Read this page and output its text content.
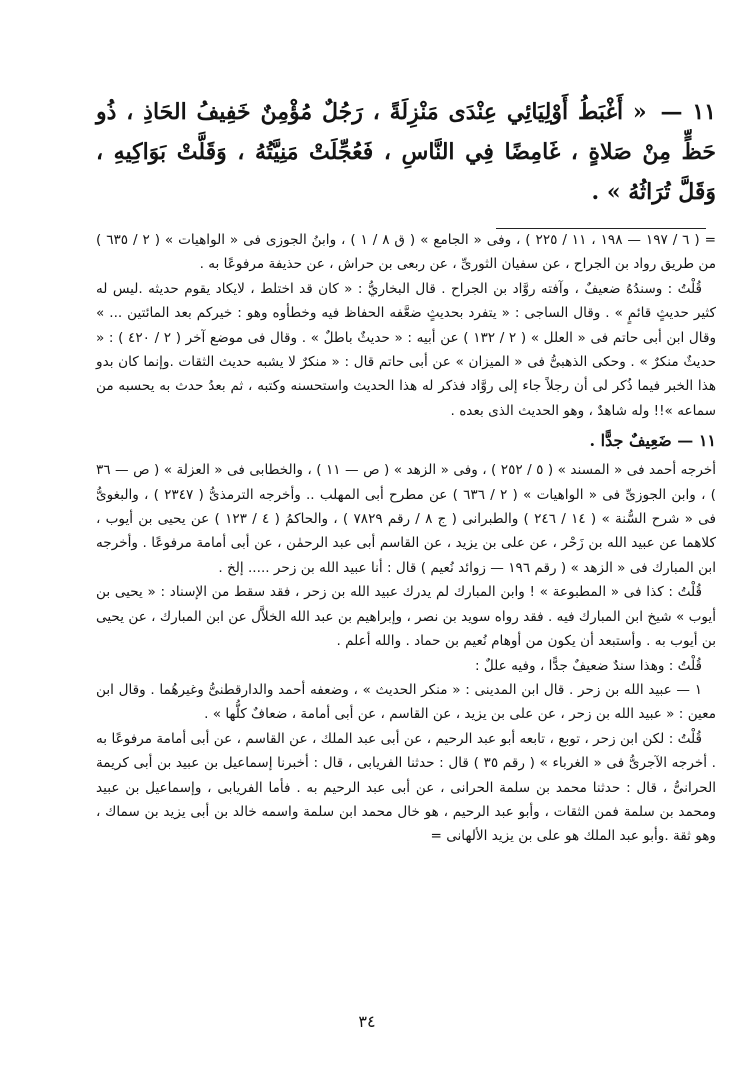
١١ — « أَغْبَطُ أَوْلِيَائِي عِنْدَى مَنْزِلَةً ، رَجُلٌ مُؤْمِنٌ خَفِيفُ الحَاذِ ، ذُو حَظٍّ مِنْ صَلاةٍ ، غَامِضًا فِي النَّاسِ ، فَعُجِّلَتْ مَنِيَّتُهُ ، وَقَلَّتْ بَوَاكِيهِ ، وَقَلَّ تُرَاثُهُ » .

= ( ٦ / ١٩٧ — ١٩٨ ، ١١ / ٢٢٥ ) ، وفى « الجامع » ( ق ٨ / ١ ) ، وابنُ الجوزى فى « الواهيات » ( ٢ / ٦٣٥ ) من طريق رواد بن الجراح ، عن سفيان الثورىِّ ، عن ربعى بن حراش ، عن حذيفة مرفوعًا به .

قُلْتُ : وسندُهُ ضعيفٌ ، وآفته روَّاد بن الجراح . قال البخاريُّ : « كان قد اختلط ، لايكاد يقوم حديثه .ليس له كثير حديثٍ قائمٍ » . وقال الساجى : « يتفرد بحديثٍ ضعَّفه الحفاظ فيه وخطأوه وهو : خيركم بعد المائتين ... » وقال ابن أبى حاتم فى « العلل » ( ٢ / ١٣٢ ) عن أبيه : « حديثٌ باطلٌ » . وقال فى موضع آخر ( ٢ / ٤٢٠ ) : « حديثٌ منكرٌ » . وحكى الذهبىُّ فى « الميزان » عن أبى حاتم قال : « منكرٌ لا يشبه حديث الثقات .وإنما كان بدو هذا الخبر فيما ذُكر لى أن رجلاً جاء إلى روَّاد فذكر له هذا الحديث واستحسنه وكتبه ، ثم بعدُ حدث به يحسبه من سماعه »!! وله شاهدٌ ، وهو الحديث الذى بعده .

١١ — ضَعِيفٌ جدًّا .

أخرجه أحمد فى « المسند » ( ٥ / ٢٥٢ ) ، وفى « الزهد » ( ص — ١١ ) ، والخطابى فى « العزلة » ( ص — ٣٦ ) ، وابن الجوزىِّ فى « الواهيات » ( ٢ / ٦٣٦ ) عن مطرح أبى المهلب .. وأخرجه الترمذىُّ ( ٢٣٤٧ ) ، والبغوىُّ فى « شرح السُّنة » ( ١٤ / ٢٤٦ ) والطبرانى ( ج ٨ / رقم ٧٨٢٩ ) ، والحاكمُ ( ٤ / ١٢٣ ) عن يحيى بن أيوب ، كلاهما عن عبيد الله بن زَحْر ، عن على بن يزيد ، عن القاسم أبى عبد الرحمٰن ، عن أبى أمامة مرفوعًا . وأخرجه ابن المبارك فى « الزهد » ( رقم ١٩٦ — زوائد نُعيم ) قال : أنا عبيد الله بن زحر ..... إلخ .

قُلْتُ : كذا فى « المطبوعة » ! وابن المبارك لم يدرك عبيد الله بن زحر ، فقد سقط من الإسناد : « يحيى بن أيوب » شيخ ابن المبارك فيه . فقد رواه سويد بن نصر ، وإبراهيم بن عبد الله الخلاَّل عن ابن المبارك ، عن يحيى بن أيوب به . وأستبعد أن يكون من أوهام نُعيم بن حماد . والله أعلم .

قُلْتُ : وهذا سندٌ ضعيفٌ جدًّا ، وفيه عللٌ :

١ — عبيد الله بن زحر . قال ابن المدينى : « منكر الحديث » ، وضعفه أحمد والدارقطنىُّ وغيرهُما . وقال ابن معين : « عبيد الله بن زحر ، عن على بن يزيد ، عن القاسم ، عن أبى أمامة ، ضعافٌ كلُّها » .

قُلْتُ : لكن ابن زحر ، توبع ، تابعه أبو عبد الرحيم ، عن أبى عبد الملك ، عن القاسم ، عن أبى أمامة مرفوعًا به . أخرجه الآجرىُّ فى « الغرباء » ( رقم ٣٥ ) قال : حدثنا الفريابى ، قال : أخبرنا إسماعيل بن عبيد بن أبى كريمة الحرانىُّ ، قال : حدثنا محمد بن سلمة الحرانى ، عن أبى عبد الرحيم به . فأما الفريابى ، وإسماعيل بن عبيد ومحمد بن سلمة فمن الثقات ، وأبو عبد الرحيم ، هو خال محمد ابن سلمة واسمه خالد بن أبى يزيد بن سماك ، وهو ثقة .وأبو عبد الملك هو على بن يزيد الألهانى =

٣٤
